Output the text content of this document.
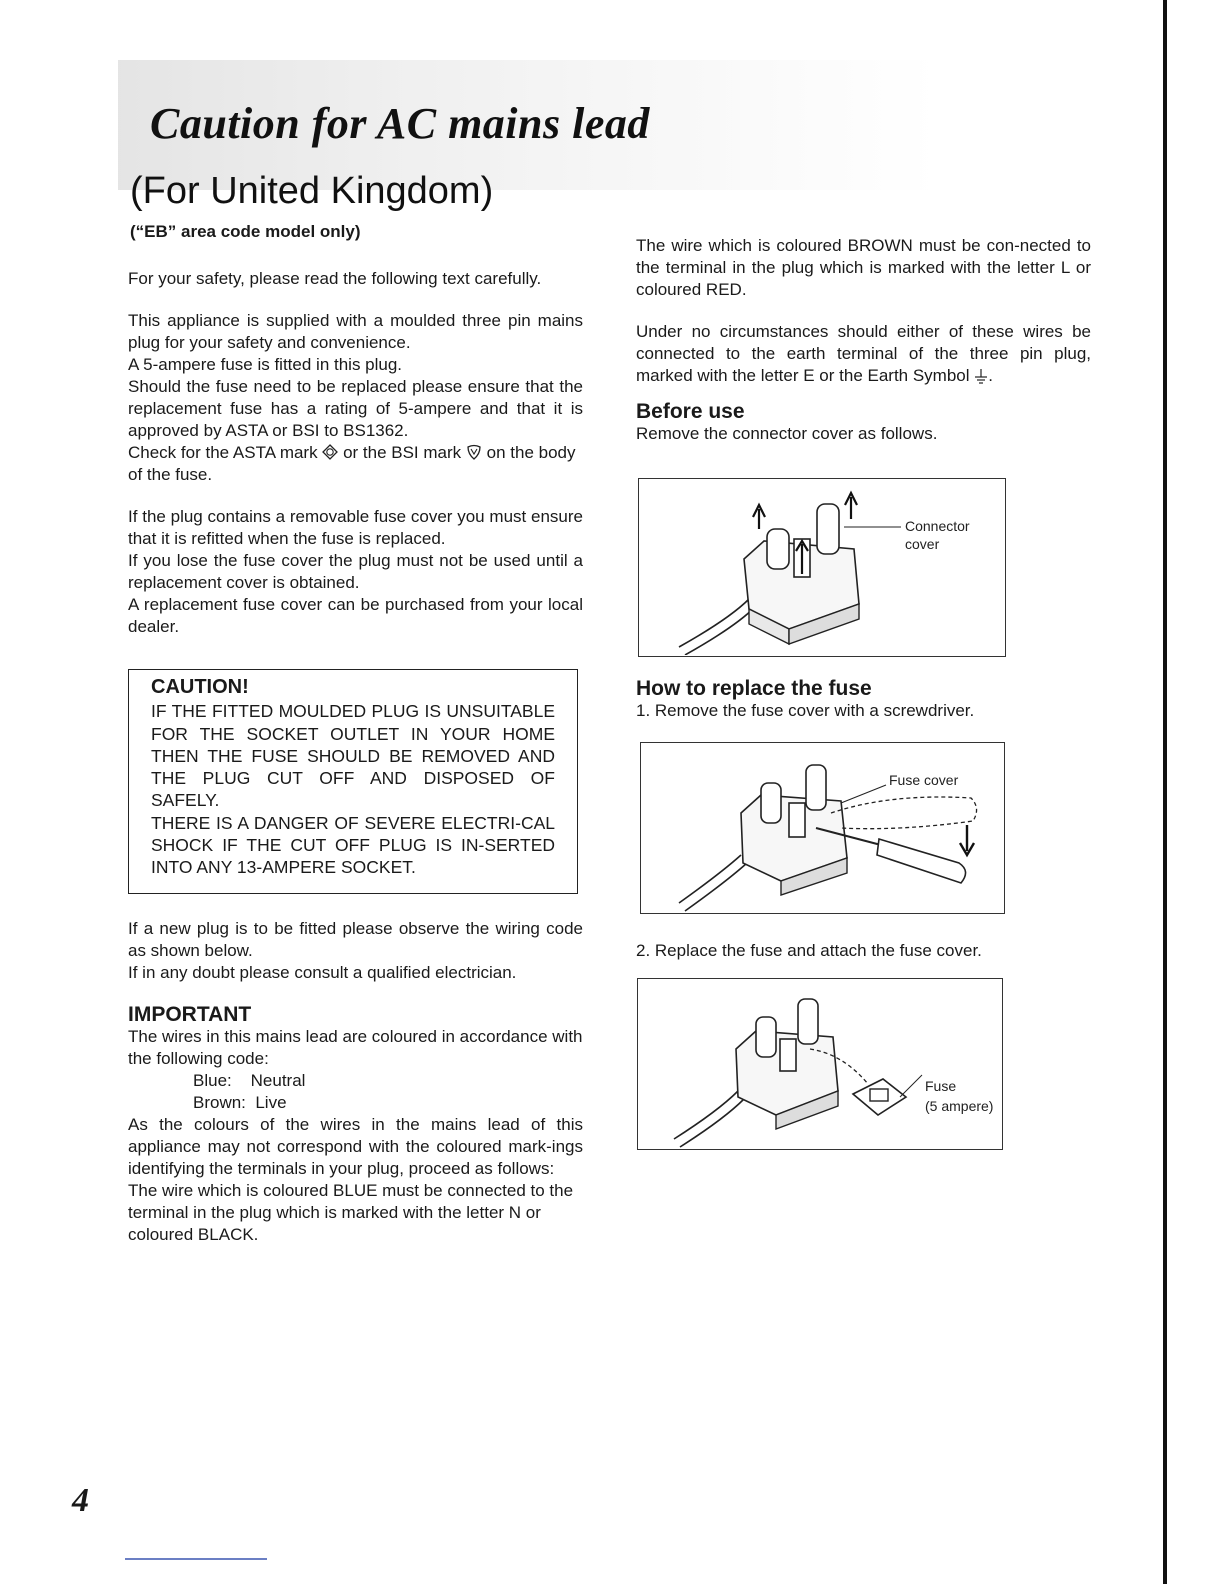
Caution for AC mains lead
(For United Kingdom)
(“EB” area code model only)

For your safety, please read the following text carefully.

This appliance is supplied with a moulded three pin mains plug for your safety and convenience.

A 5-ampere fuse is fitted in this plug.

Should the fuse need to be replaced please ensure that the replacement fuse has a rating of 5-ampere and that it is approved by ASTA or BSI to BS1362.

Check for the ASTA mark or the BSI mark on the body of the fuse.

If the plug contains a removable fuse cover you must ensure that it is refitted when the fuse is replaced.

If you lose the fuse cover the plug must not be used until a replacement cover is obtained.

A replacement fuse cover can be purchased from your local dealer.

CAUTION!

IF THE FITTED MOULDED PLUG IS UNSUITABLE FOR THE SOCKET OUTLET IN YOUR HOME THEN THE FUSE SHOULD BE REMOVED AND THE PLUG CUT OFF AND DISPOSED OF SAFELY.

THERE IS A DANGER OF SEVERE ELECTRI-CAL SHOCK IF THE CUT OFF PLUG IS IN-SERTED INTO ANY 13-AMPERE SOCKET.

If a new plug is to be fitted please observe the wiring code as shown below.

If in any doubt please consult a qualified electrician.

IMPORTANT

The wires in this mains lead are coloured in accordance with the following code:

Blue:    Neutral

Brown:  Live

As the colours of the wires in the mains lead of this appliance may not correspond with the coloured mark-ings identifying the terminals in your plug, proceed as follows:

The wire which is coloured BLUE must be connected to the terminal in the plug which is marked with the letter N or coloured BLACK.

The wire which is coloured BROWN must be con-nected to the terminal in the plug which is marked with the letter L or coloured RED.

Under no circumstances should either of these wires be connected to the earth terminal of the three pin plug, marked with the letter E or the Earth Symbol .

Before use

Remove the connector cover as follows.

Connector
cover
How to replace the fuse

1. Remove the fuse cover with a screwdriver.

Fuse cover

2. Replace the fuse and attach the fuse cover.

Fuse
(5 ampere)
4
